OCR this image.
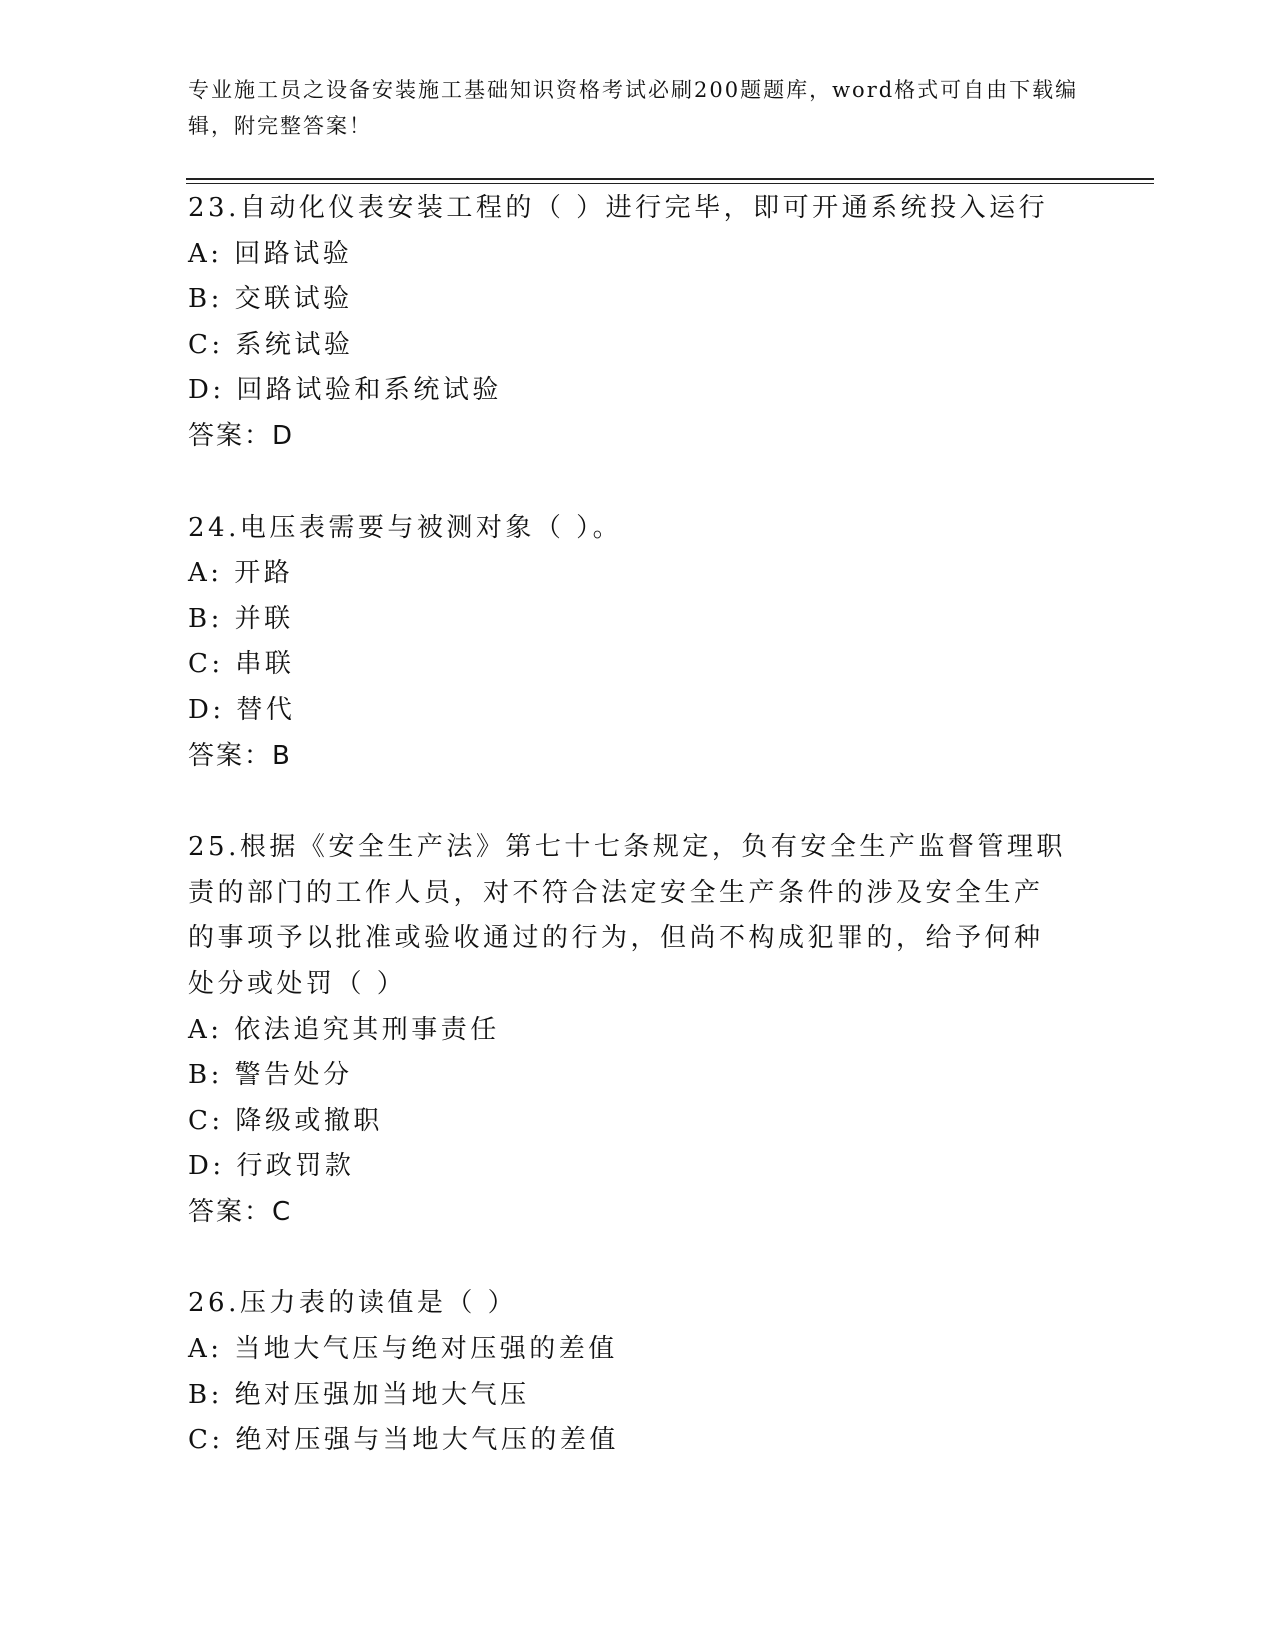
专业施工员之设备安装施工基础知识资格考试必刷200题题库，word格式可自由下载编辑，附完整答案！
23.自动化仪表安装工程的（ ）进行完毕，即可开通系统投入运行
A: 回路试验
B: 交联试验
C: 系统试验
D: 回路试验和系统试验
答案：D
24.电压表需要与被测对象（ ）。
A: 开路
B: 并联
C: 串联
D: 替代
答案：B
25.根据《安全生产法》第七十七条规定，负有安全生产监督管理职责的部门的工作人员，对不符合法定安全生产条件的涉及安全生产的事项予以批准或验收通过的行为，但尚不构成犯罪的，给予何种处分或处罚（ ）
A: 依法追究其刑事责任
B: 警告处分
C: 降级或撤职
D: 行政罚款
答案：C
26.压力表的读值是（ ）
A: 当地大气压与绝对压强的差值
B: 绝对压强加当地大气压
C: 绝对压强与当地大气压的差值
